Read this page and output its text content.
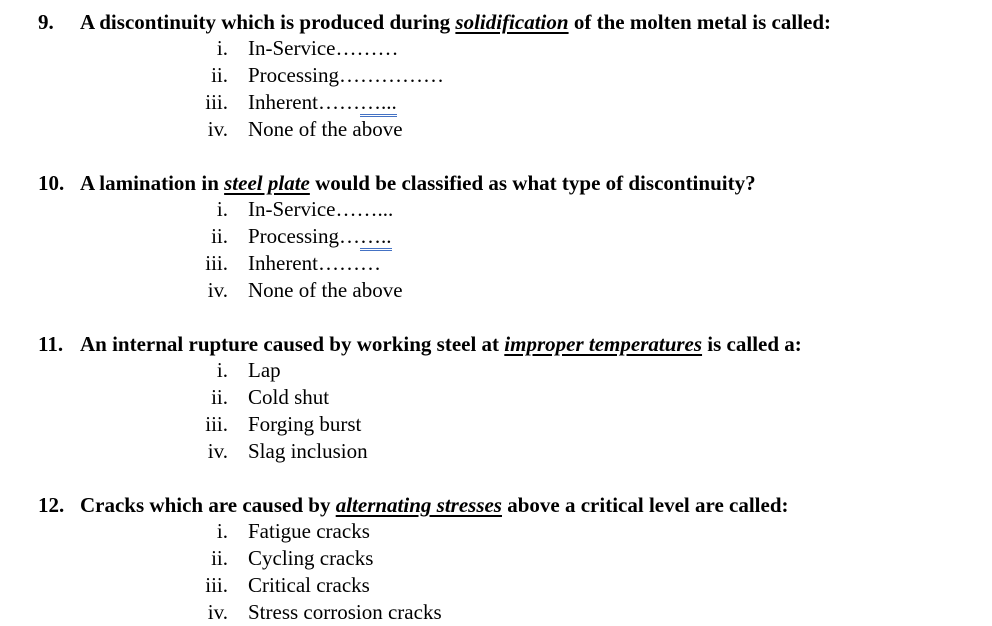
9. A discontinuity which is produced during solidification of the molten metal is called:
i. In-Service………
ii. Processing……………
iii. Inherent………...
iv. None of the above
10. A lamination in steel plate would be classified as what type of discontinuity?
i. In-Service……...
ii. Processing……..
iii. Inherent………
iv. None of the above
11. An internal rupture caused by working steel at improper temperatures is called a:
i. Lap
ii. Cold shut
iii. Forging burst
iv. Slag inclusion
12. Cracks which are caused by alternating stresses above a critical level are called:
i. Fatigue cracks
ii. Cycling cracks
iii. Critical cracks
iv. Stress corrosion cracks
